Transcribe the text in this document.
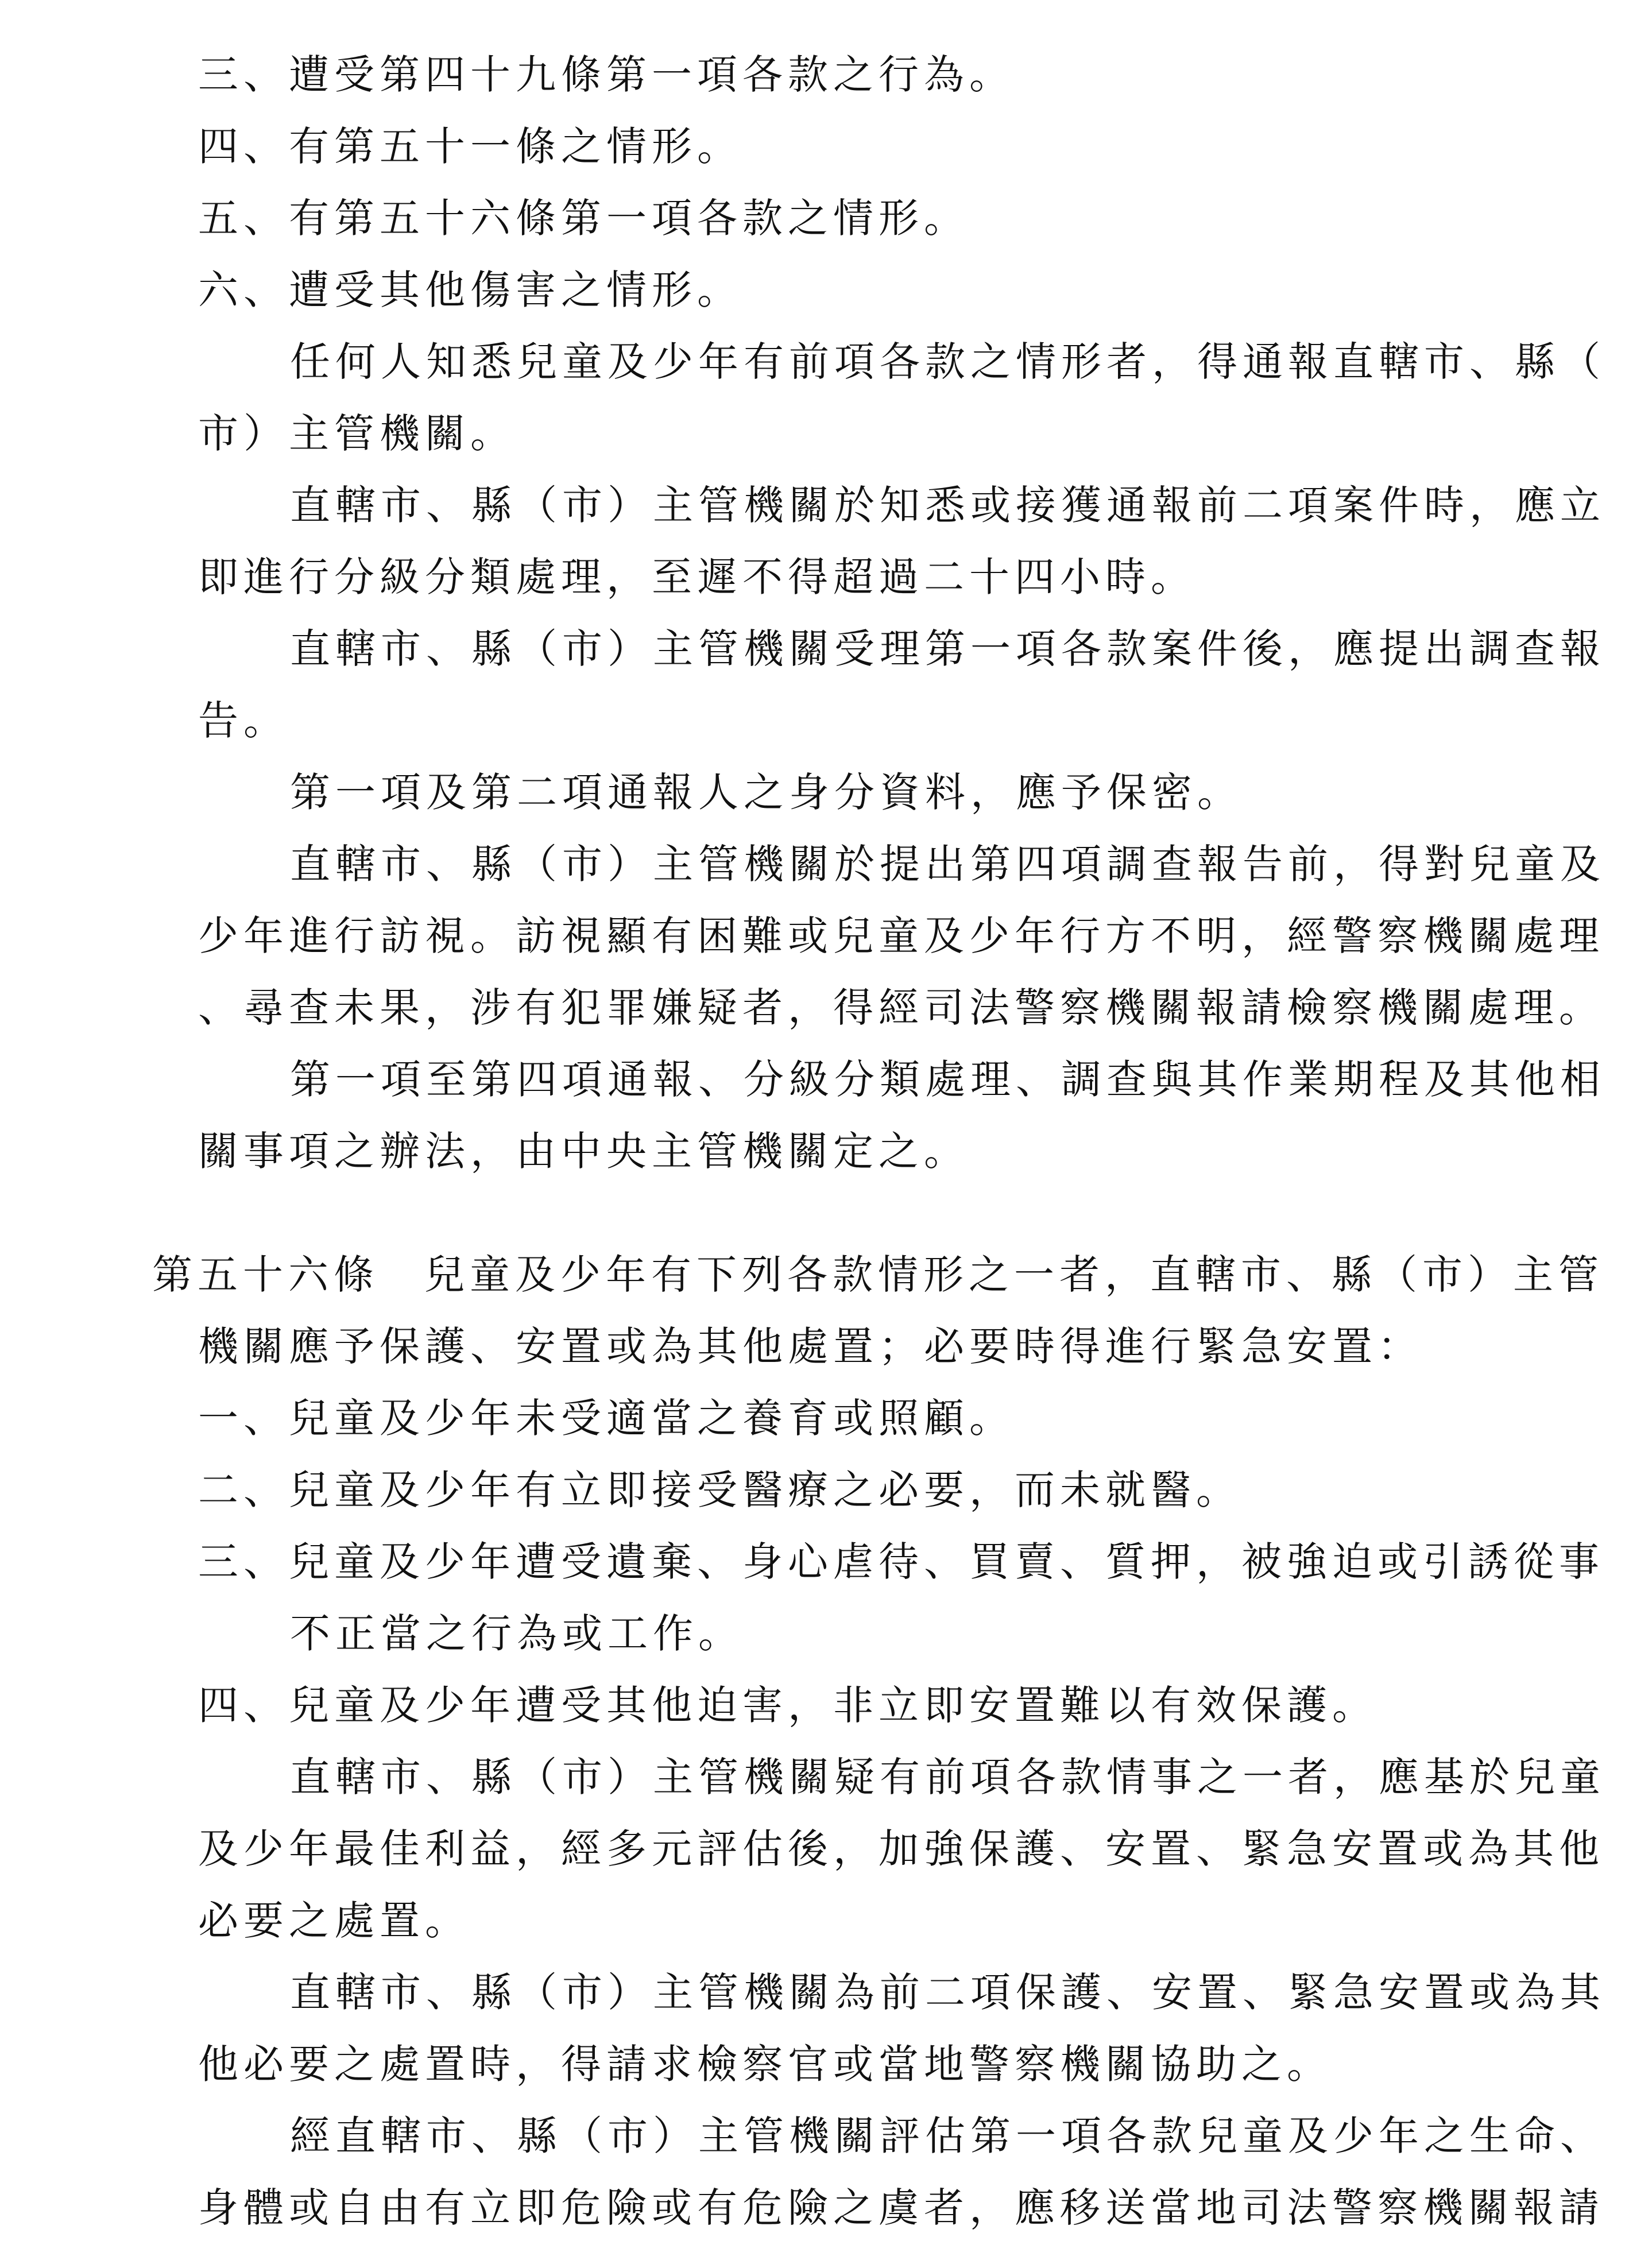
三、遭受第四十九條第一項各款之行為。
四、有第五十一條之情形。
五、有第五十六條第一項各款之情形。
六、遭受其他傷害之情形。
任何人知悉兒童及少年有前項各款之情形者，得通報直轄市、縣（
市）主管機關。
直轄市、縣（市）主管機關於知悉或接獲通報前二項案件時，應立
即進行分級分類處理，至遲不得超過二十四小時。
直轄市、縣（市）主管機關受理第一項各款案件後，應提出調查報
告。
第一項及第二項通報人之身分資料，應予保密。
直轄市、縣（市）主管機關於提出第四項調查報告前，得對兒童及
少年進行訪視。訪視顯有困難或兒童及少年行方不明，經警察機關處理
、尋查未果，涉有犯罪嫌疑者，得經司法警察機關報請檢察機關處理。
第一項至第四項通報、分級分類處理、調查與其作業期程及其他相
關事項之辦法，由中央主管機關定之。
第五十六條　兒童及少年有下列各款情形之一者，直轄市、縣（市）主管
機關應予保護、安置或為其他處置；必要時得進行緊急安置：
一、兒童及少年未受適當之養育或照顧。
二、兒童及少年有立即接受醫療之必要，而未就醫。
三、兒童及少年遭受遺棄、身心虐待、買賣、質押，被強迫或引誘從事
不正當之行為或工作。
四、兒童及少年遭受其他迫害，非立即安置難以有效保護。
直轄市、縣（市）主管機關疑有前項各款情事之一者，應基於兒童
及少年最佳利益，經多元評估後，加強保護、安置、緊急安置或為其他
必要之處置。
直轄市、縣（市）主管機關為前二項保護、安置、緊急安置或為其
他必要之處置時，得請求檢察官或當地警察機關協助之。
經直轄市、縣（市）主管機關評估第一項各款兒童及少年之生命、
身體或自由有立即危險或有危險之虞者，應移送當地司法警察機關報請
